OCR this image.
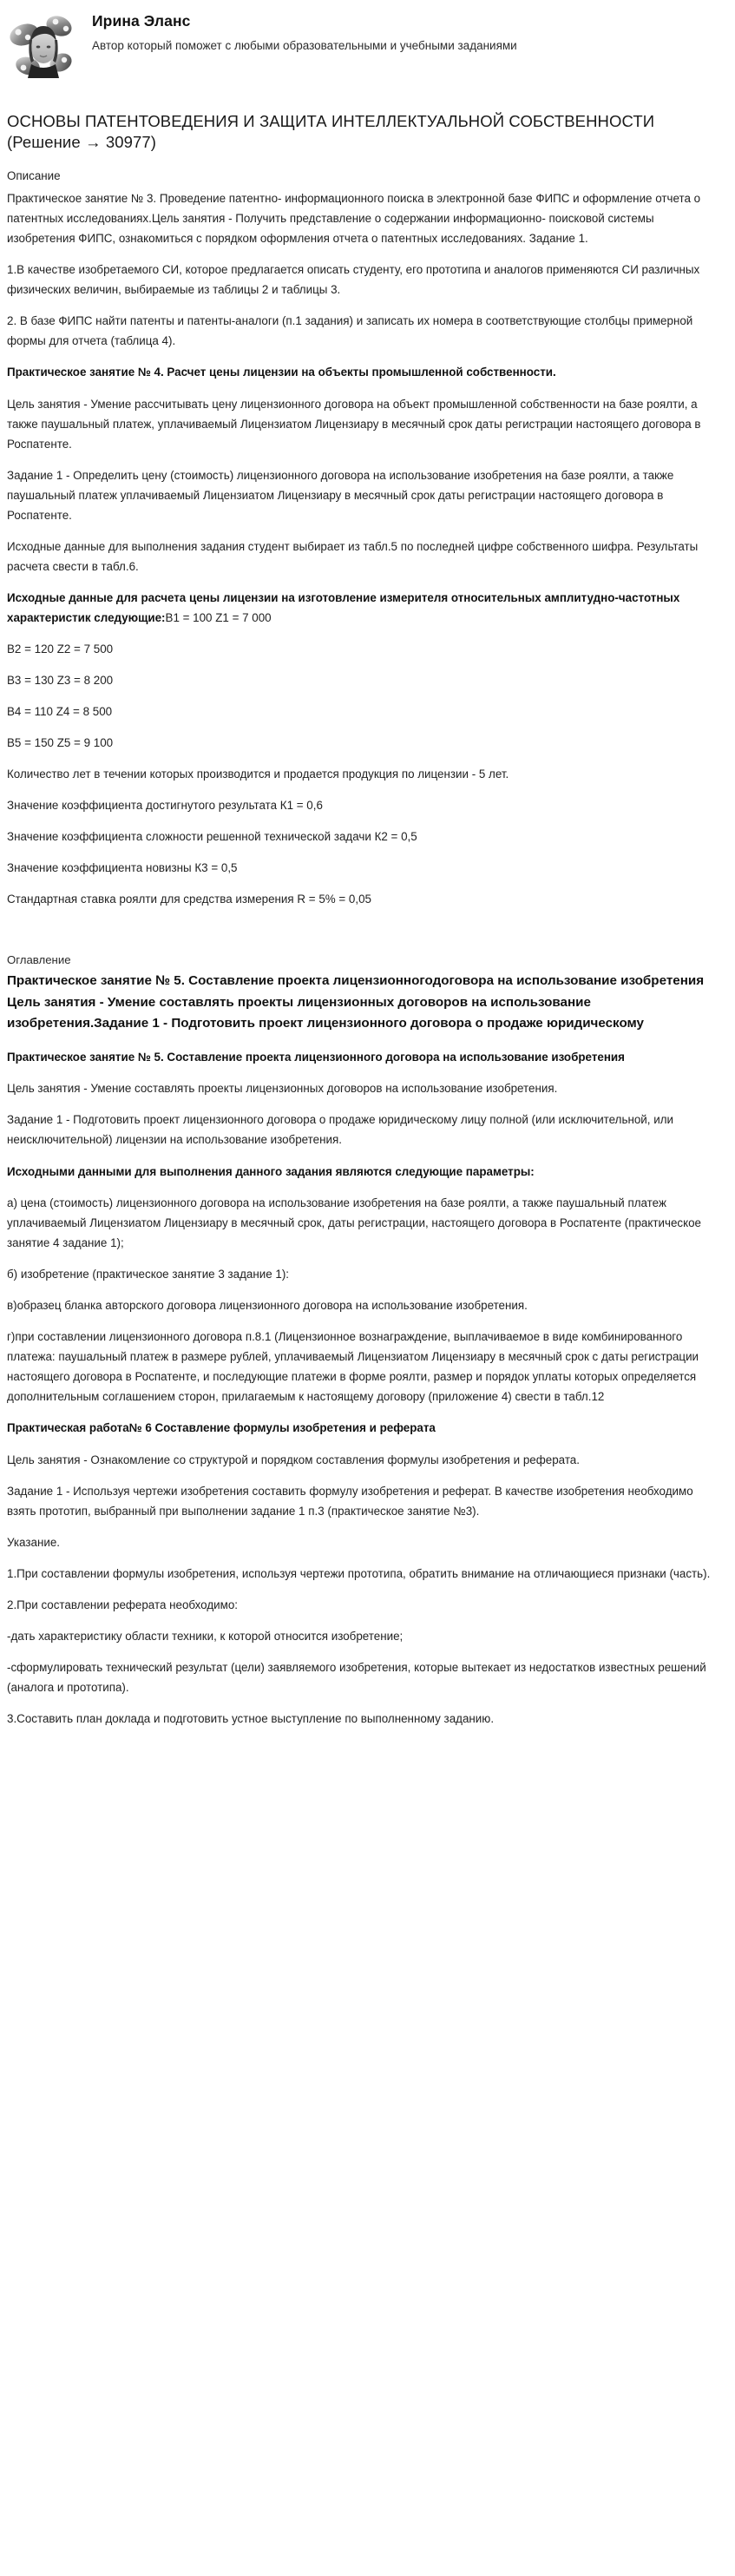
Ирина Эланс
Автор который поможет с любыми образовательными и учебными заданиями
ОСНОВЫ ПАТЕНТОВЕДЕНИЯ И ЗАЩИТА ИНТЕЛЛЕКТУАЛЬНОЙ СОБСТВЕННОСТИ (Решение → 30977)
Описание
Практическое занятие № 3. Проведение патентно- информационного поиска в электронной базе ФИПС и оформление отчета о патентных исследованиях.Цель занятия - Получить представление о содержании информационно- поисковой системы изобретения ФИПС, ознакомиться с порядком оформления отчета о патентных исследованиях. Задание 1.
1.В качестве изобретаемого СИ, которое предлагается описать студенту, его прототипа и аналогов применяются СИ различных физических величин, выбираемые из таблицы 2 и таблицы 3.
2. В базе ФИПС найти патенты и патенты-аналоги (п.1 задания) и записать их номера в соответствующие столбцы примерной формы для отчета (таблица 4).
Практическое занятие № 4. Расчет цены лицензии на объекты промышленной собственности.
Цель занятия - Умение рассчитывать цену лицензионного договора на объект промышленной собственности на базе роялти, а также паушальный платеж, уплачиваемый Лицензиатом Лицензиару в месячный срок даты регистрации настоящего договора в Роспатенте.
Задание 1 - Определить цену (стоимость) лицензионного договора на использование изобретения на базе роялти, а также паушальный платеж уплачиваемый Лицензиатом Лицензиару в месячный срок даты регистрации настоящего договора в Роспатенте.
Исходные данные для выполнения задания студент выбирает из табл.5 по последней цифре собственного шифра. Результаты расчета свести в табл.6.
Исходные данные для расчета цены лицензии на изготовление измерителя относительных амплитудно-частотных характеристик следующие:B1 = 100 Z1 = 7 000
B2 = 120 Z2 = 7 500
B3 = 130 Z3 = 8 200
B4 = 110 Z4 = 8 500
B5 = 150 Z5 = 9 100
Количество лет в течении которых производится и продается продукция по лицензии - 5 лет.
Значение коэффициента достигнутого результата К1 = 0,6
Значение коэффициента сложности решенной технической задачи К2 = 0,5
Значение коэффициента новизны К3 = 0,5
Стандартная ставка роялти для средства измерения R = 5% = 0,05
Оглавление
Практическое занятие № 5. Составление проекта лицензионногодоговора на использование изобретения Цель занятия - Умение составлять проекты лицензионных договоров на использование изобретения.Задание 1 - Подготовить проект лицензионного договора о продаже юридическому
Практическое занятие № 5. Составление проекта лицензионного договора на использование изобретения
Цель занятия - Умение составлять проекты лицензионных договоров на использование изобретения.
Задание 1 - Подготовить проект лицензионного договора о продаже юридическому лицу полной (или исключительной, или неисключительной) лицензии на использование изобретения.
Исходными данными для выполнения данного задания являются следующие параметры:
а) цена (стоимость) лицензионного договора на использование изобретения на базе роялти, а также паушальный платеж уплачиваемый Лицензиатом Лицензиару в месячный срок, даты регистрации, настоящего договора в Роспатенте (практическое занятие 4 задание 1);
б) изобретение (практическое занятие 3 задание 1):
в)образец бланка авторского договора лицензионного договора на использование изобретения.
г)при составлении лицензионного договора п.8.1 (Лицензионное вознаграждение, выплачиваемое в виде комбинированного платежа: паушальный платеж в размере рублей, уплачиваемый Лицензиатом Лицензиару в месячный срок с даты регистрации настоящего договора в Роспатенте, и последующие платежи в форме роялти, размер и порядок уплаты которых определяется дополнительным соглашением сторон, прилагаемым к настоящему договору (приложение 4) свести в табл.12
Практическая работа№ 6 Составление формулы изобретения и реферата
Цель занятия - Ознакомление со структурой и порядком составления формулы изобретения и реферата.
Задание 1 - Используя чертежи изобретения составить формулу изобретения и реферат. В качестве изобретения необходимо взять прототип, выбранный при выполнении задание 1 п.3 (практическое занятие №3).
Указание.
1.При составлении формулы изобретения, используя чертежи прототипа, обратить внимание на отличающиеся признаки (часть).
2.При составлении реферата необходимо:
-дать характеристику области техники, к которой относится изобретение;
-сформулировать технический результат (цели) заявляемого изобретения, которые вытекает из недостатков известных решений (аналога и прототипа).
3.Составить план доклада и подготовить устное выступление по выполненному заданию.
